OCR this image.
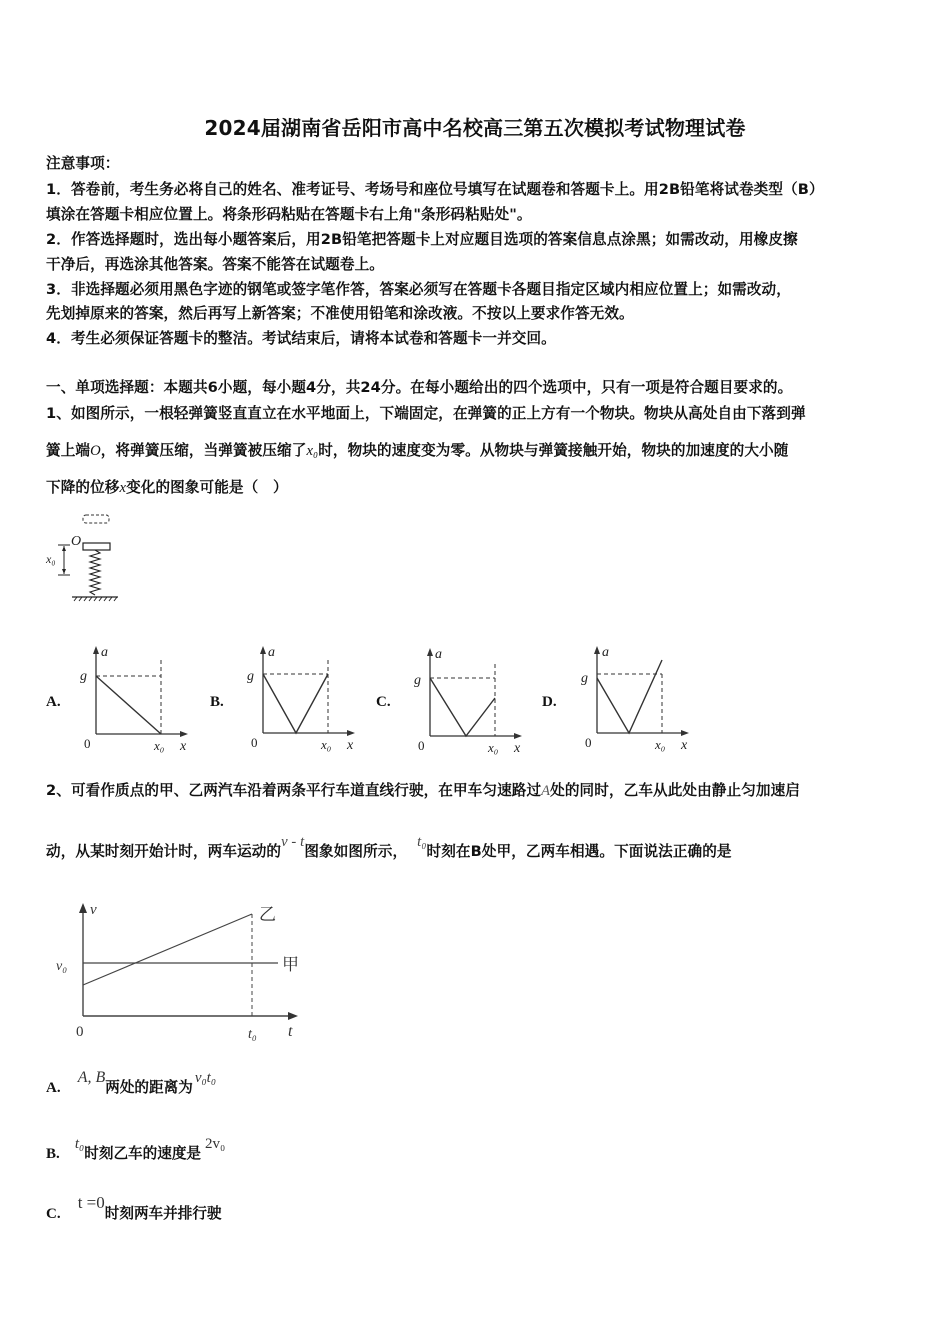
2024届湖南省岳阳市高中名校高三第五次模拟考试物理试卷
注意事项：
1．答卷前，考生务必将自己的姓名、准考证号、考场号和座位号填写在试题卷和答题卡上。用2B铅笔将试卷类型（B）
填涂在答题卡相应位置上。将条形码粘贴在答题卡右上角"条形码粘贴处"。
2．作答选择题时，选出每小题答案后，用2B铅笔把答题卡上对应题目选项的答案信息点涂黑；如需改动，用橡皮擦
干净后，再选涂其他答案。答案不能答在试题卷上。
3．非选择题必须用黑色字迹的钢笔或签字笔作答，答案必须写在答题卡各题目指定区域内相应位置上；如需改动，
先划掉原来的答案，然后再写上新答案；不准使用铅笔和涂改液。不按以上要求作答无效。
4．考生必须保证答题卡的整洁。考试结束后，请将本试卷和答题卡一并交回。
一、单项选择题：本题共6小题，每小题4分，共24分。在每小题给出的四个选项中，只有一项是符合题目要求的。
1、如图所示，一根轻弹簧竖直直立在水平地面上，下端固定，在弹簧的正上方有一个物块。物块从高处自由下落到弹
簧上端O，将弹簧压缩，当弹簧被压缩了x₀时，物块的速度变为零。从物块与弹簧接触开始，物块的加速度的大小随
下降的位移x变化的图象可能是（　）
O
x₀
A.
a
g
0	x₀ x
B.
a
g
0	x₀ x
C.
a
g
0	x₀ x
D.
a
g
0	x₀ x
2、可看作质点的甲、乙两汽车沿着两条平行车道直线行驶，在甲车匀速路过A处的同时，乙车从此处由静止匀加速启
动，从某时刻开始计时，两车运动的v - t图象如图所示，t₀时刻在B处甲，乙两车相遇。下面说法正确的是
v
v₀
0	t₀ t
乙
甲
A. A, B两处的距离为v₀t₀
B. t₀时刻乙车的速度是2v₀
C. t =0时刻两车并排行驶
